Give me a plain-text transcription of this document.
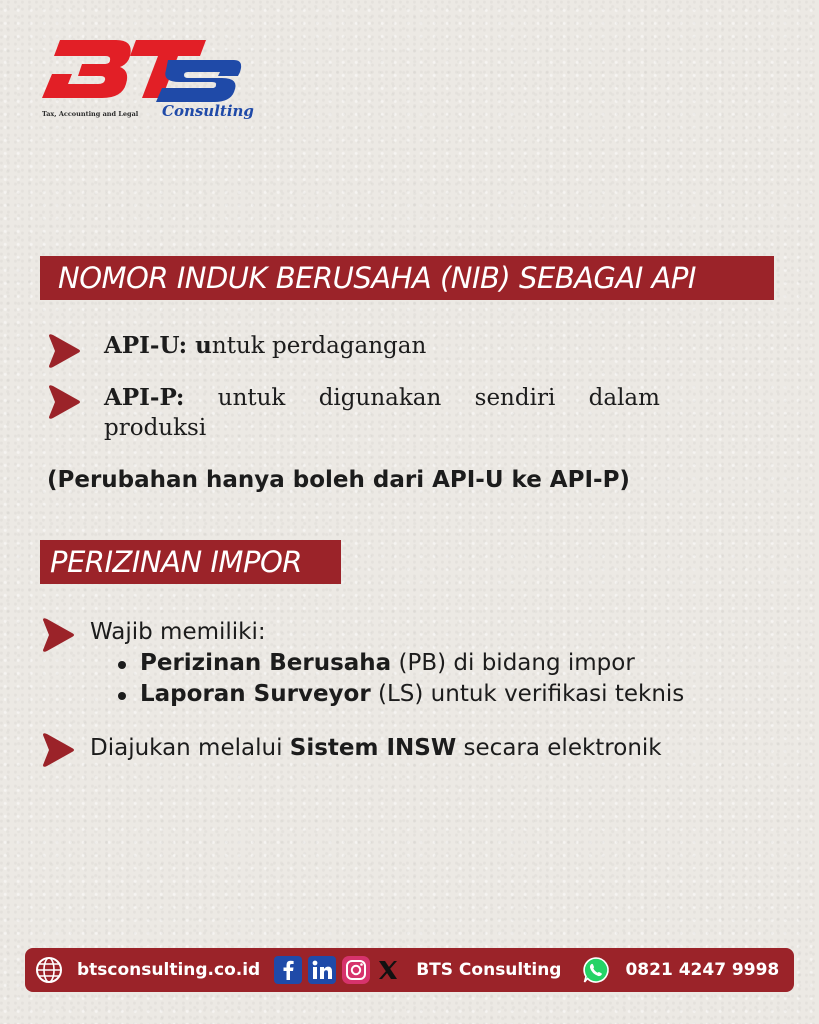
Tax, Accounting and Legal Consulting
NOMOR INDUK BERUSAHA (NIB) SEBAGAI API
API-U: untuk perdagangan
API-P: untuk digunakan sendiri dalam
produksi
(Perubahan hanya boleh dari API-U ke API-P)
PERIZINAN IMPOR
Wajib memiliki:
Perizinan Berusaha (PB) di bidang impor
Laporan Surveyor (LS) untuk verifikasi teknis
Diajukan melalui Sistem INSW secara elektronik
btsconsulting.co.id	BTS Consulting	0821 4247 9998
